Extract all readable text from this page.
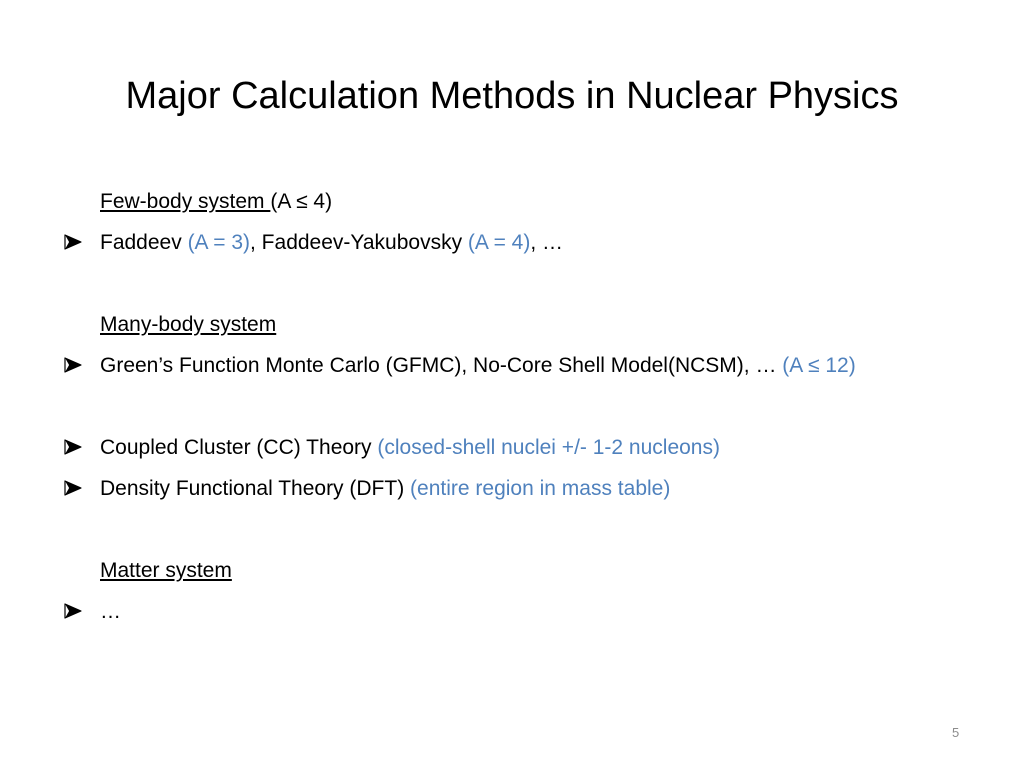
Major Calculation Methods in Nuclear Physics
Few-body system (A ≤ 4)
Faddeev (A = 3), Faddeev-Yakubovsky (A = 4), …
Many-body system
Green’s Function Monte Carlo (GFMC), No-Core Shell Model(NCSM), … (A ≤ 12)
Coupled Cluster (CC) Theory (closed-shell nuclei +/- 1-2 nucleons)
Density Functional Theory (DFT) (entire region in mass table)
Matter system
…
5
